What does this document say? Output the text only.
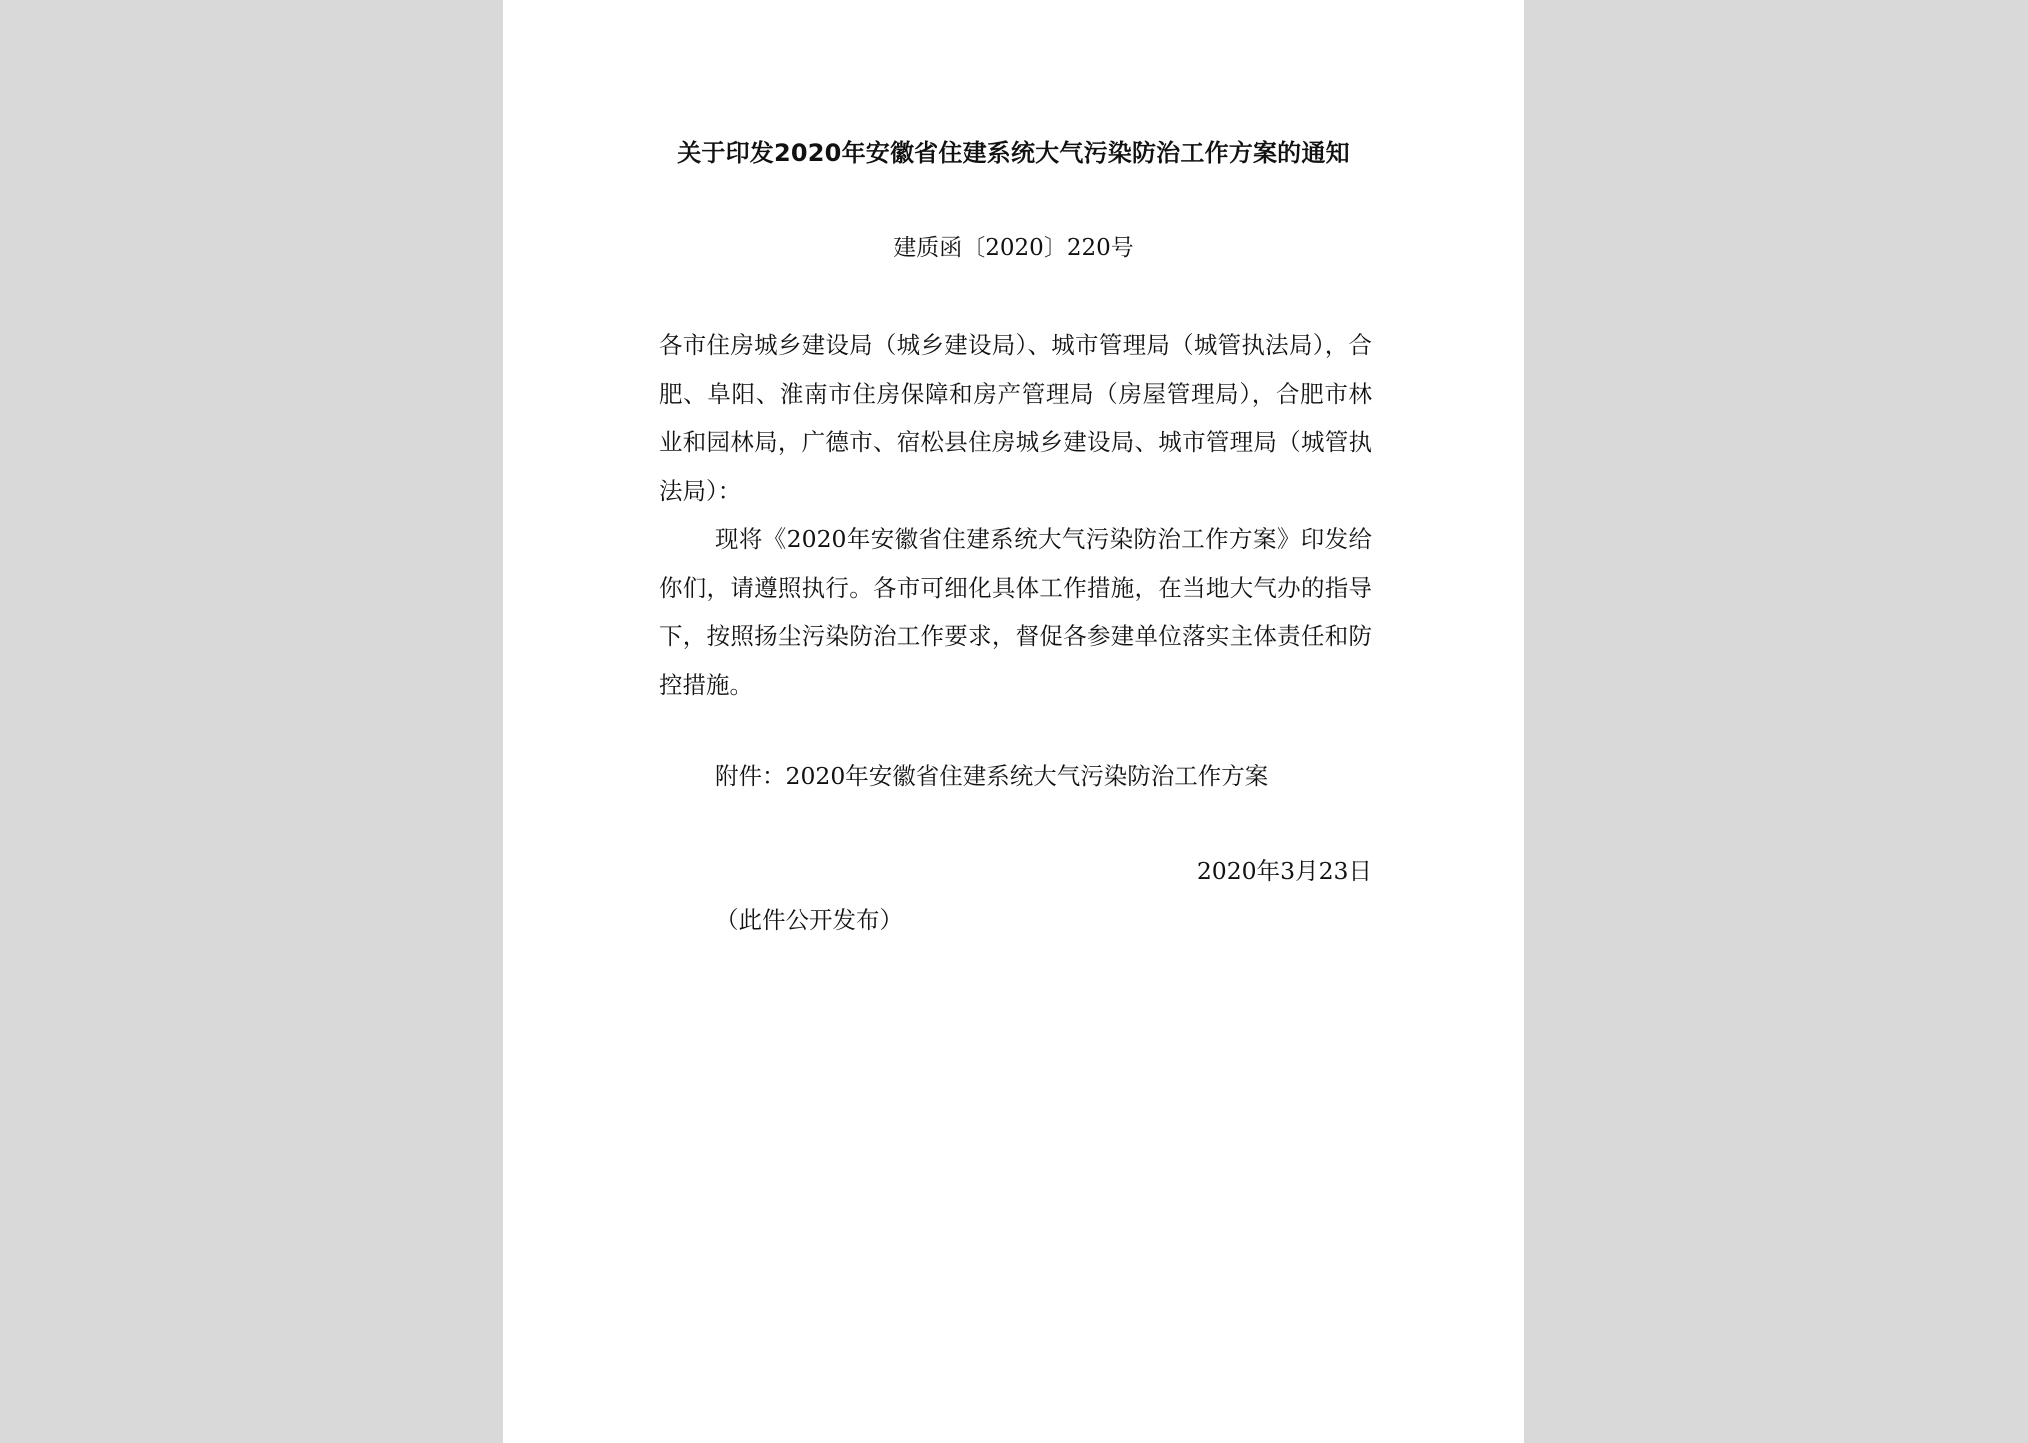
关于印发2020年安徽省住建系统大气污染防治工作方案的通知
建质函〔2020〕220号
各市住房城乡建设局（城乡建设局）、城市管理局（城管执法局），合肥、阜阳、淮南市住房保障和房产管理局（房屋管理局），合肥市林业和园林局，广德市、宿松县住房城乡建设局、城市管理局（城管执法局）：
现将《2020年安徽省住建系统大气污染防治工作方案》印发给你们，请遵照执行。各市可细化具体工作措施，在当地大气办的指导下，按照扬尘污染防治工作要求，督促各参建单位落实主体责任和防控措施。
附件：2020年安徽省住建系统大气污染防治工作方案
2020年3月23日
（此件公开发布）
